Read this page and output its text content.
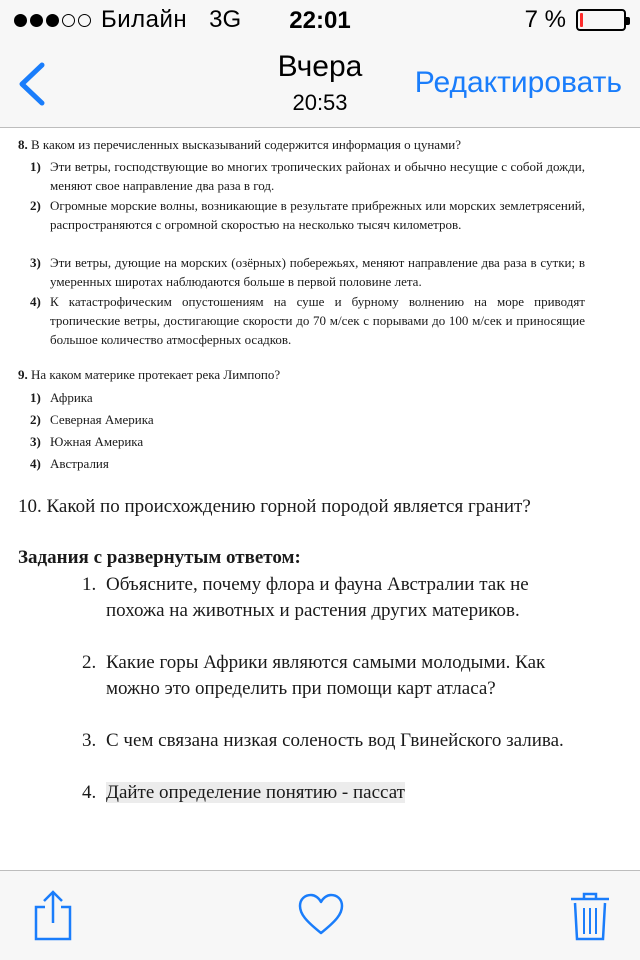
Билайн 3G	22:01	7 %
Вчера
20:53
Редактировать
8. В каком из перечисленных высказываний содержится информация о цунами?
1) Эти ветры, господствующие во многих тропических районах и обычно несущие с собой дожди, меняют свое направление два раза в год.
2) Огромные морские волны, возникающие в результате прибрежных или морских землетрясений, распространяются с огромной скоростью на несколько тысяч километров.
3) Эти ветры, дующие на морских (озёрных) побережьях, меняют направление два раза в сутки; в умеренных широтах наблюдаются больше в первой половине лета.
4) К катастрофическим опустошениям на суше и бурному волнению на море приводят тропические ветры, достигающие скорости до 70 м/сек с порывами до 100 м/сек и приносящие большое количество атмосферных осадков.
9. На каком материке протекает река Лимпопо?
1) Африка
2) Северная Америка
3) Южная Америка
4) Австралия
10. Какой по происхождению горной породой является гранит?
Задания с развернутым ответом:
1. Объясните, почему флора и фауна Австралии так не похожа на животных и растения других материков.
2. Какие горы Африки являются самыми молодыми. Как можно это определить при помощи карт атласа?
3. С чем связана низкая соленость вод Гвинейского залива.
4. Дайте определение понятию - пассат
